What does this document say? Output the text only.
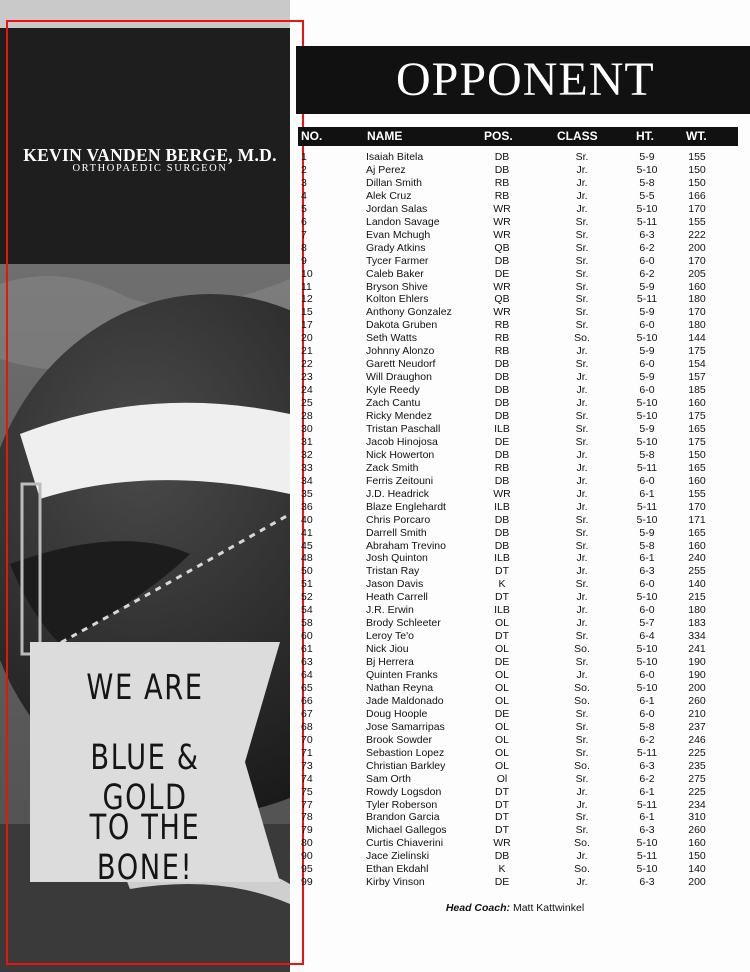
KEVIN VANDEN BERGE, M.D.
ORTHOPAEDIC SURGEON
WE ARE
BLUE & GOLD
TO THE BONE!
OPPONENT
NO.	NAME	POS.	CLASS	HT.	WT.
1	Isaiah Bitela	DB	Sr.	5-9	155
2	Aj Perez	DB	Jr.	5-10	150
3	Dillan Smith	RB	Jr.	5-8	150
4	Alek Cruz	RB	Jr.	5-5	166
5	Jordan Salas	WR	Jr.	5-10	170
6	Landon Savage	WR	Sr.	5-11	155
7	Evan Mchugh	WR	Sr.	6-3	222
8	Grady Atkins	QB	Sr.	6-2	200
9	Tycer Farmer	DB	Sr.	6-0	170
10	Caleb Baker	DE	Sr.	6-2	205
11	Bryson Shive	WR	Sr.	5-9	160
12	Kolton Ehlers	QB	Sr.	5-11	180
15	Anthony Gonzalez	WR	Sr.	5-9	170
17	Dakota Gruben	RB	Sr.	6-0	180
20	Seth Watts	RB	So.	5-10	144
21	Johnny Alonzo	RB	Jr.	5-9	175
22	Garett Neudorf	DB	Sr.	6-0	154
23	Will Draughon	DB	Jr.	5-9	157
24	Kyle Reedy	DB	Jr.	6-0	185
25	Zach Cantu	DB	Jr.	5-10	160
28	Ricky Mendez	DB	Sr.	5-10	175
30	Tristan Paschall	ILB	Sr.	5-9	165
31	Jacob Hinojosa	DE	Sr.	5-10	175
32	Nick Howerton	DB	Jr.	5-8	150
33	Zack Smith	RB	Jr.	5-11	165
34	Ferris Zeitouni	DB	Jr.	6-0	160
35	J.D. Headrick	WR	Jr.	6-1	155
36	Blaze Englehardt	ILB	Jr.	5-11	170
40	Chris Porcaro	DB	Sr.	5-10	171
41	Darrell Smith	DB	Sr.	5-9	165
45	Abraham Trevino	DB	Sr.	5-8	160
48	Josh Quinton	ILB	Jr.	6-1	240
50	Tristan Ray	DT	Jr.	6-3	255
51	Jason Davis	K	Sr.	6-0	140
52	Heath Carrell	DT	Jr.	5-10	215
54	J.R. Erwin	ILB	Jr.	6-0	180
58	Brody Schleeter	OL	Jr.	5-7	183
60	Leroy Te'o	DT	Sr.	6-4	334
61	Nick Jiou	OL	So.	5-10	241
63	Bj Herrera	DE	Sr.	5-10	190
64	Quinten Franks	OL	Jr.	6-0	190
65	Nathan Reyna	OL	So.	5-10	200
66	Jade Maldonado	OL	So.	6-1	260
67	Doug Hoople	DE	Sr.	6-0	210
68	Jose Samarripas	OL	Sr.	5-8	237
70	Brook Sowder	OL	Sr.	6-2	246
71	Sebastion Lopez	OL	Sr.	5-11	225
73	Christian Barkley	OL	So.	6-3	235
74	Sam Orth	Ol	Sr.	6-2	275
75	Rowdy Logsdon	DT	Jr.	6-1	225
77	Tyler Roberson	DT	Jr.	5-11	234
78	Brandon Garcia	DT	Sr.	6-1	310
79	Michael Gallegos	DT	Sr.	6-3	260
80	Curtis Chiaverini	WR	So.	5-10	160
90	Jace Zielinski	DB	Jr.	5-11	150
95	Ethan Ekdahl	K	So.	5-10	140
99	Kirby Vinson	DE	Jr.	6-3	200
Head Coach: Matt Kattwinkel
